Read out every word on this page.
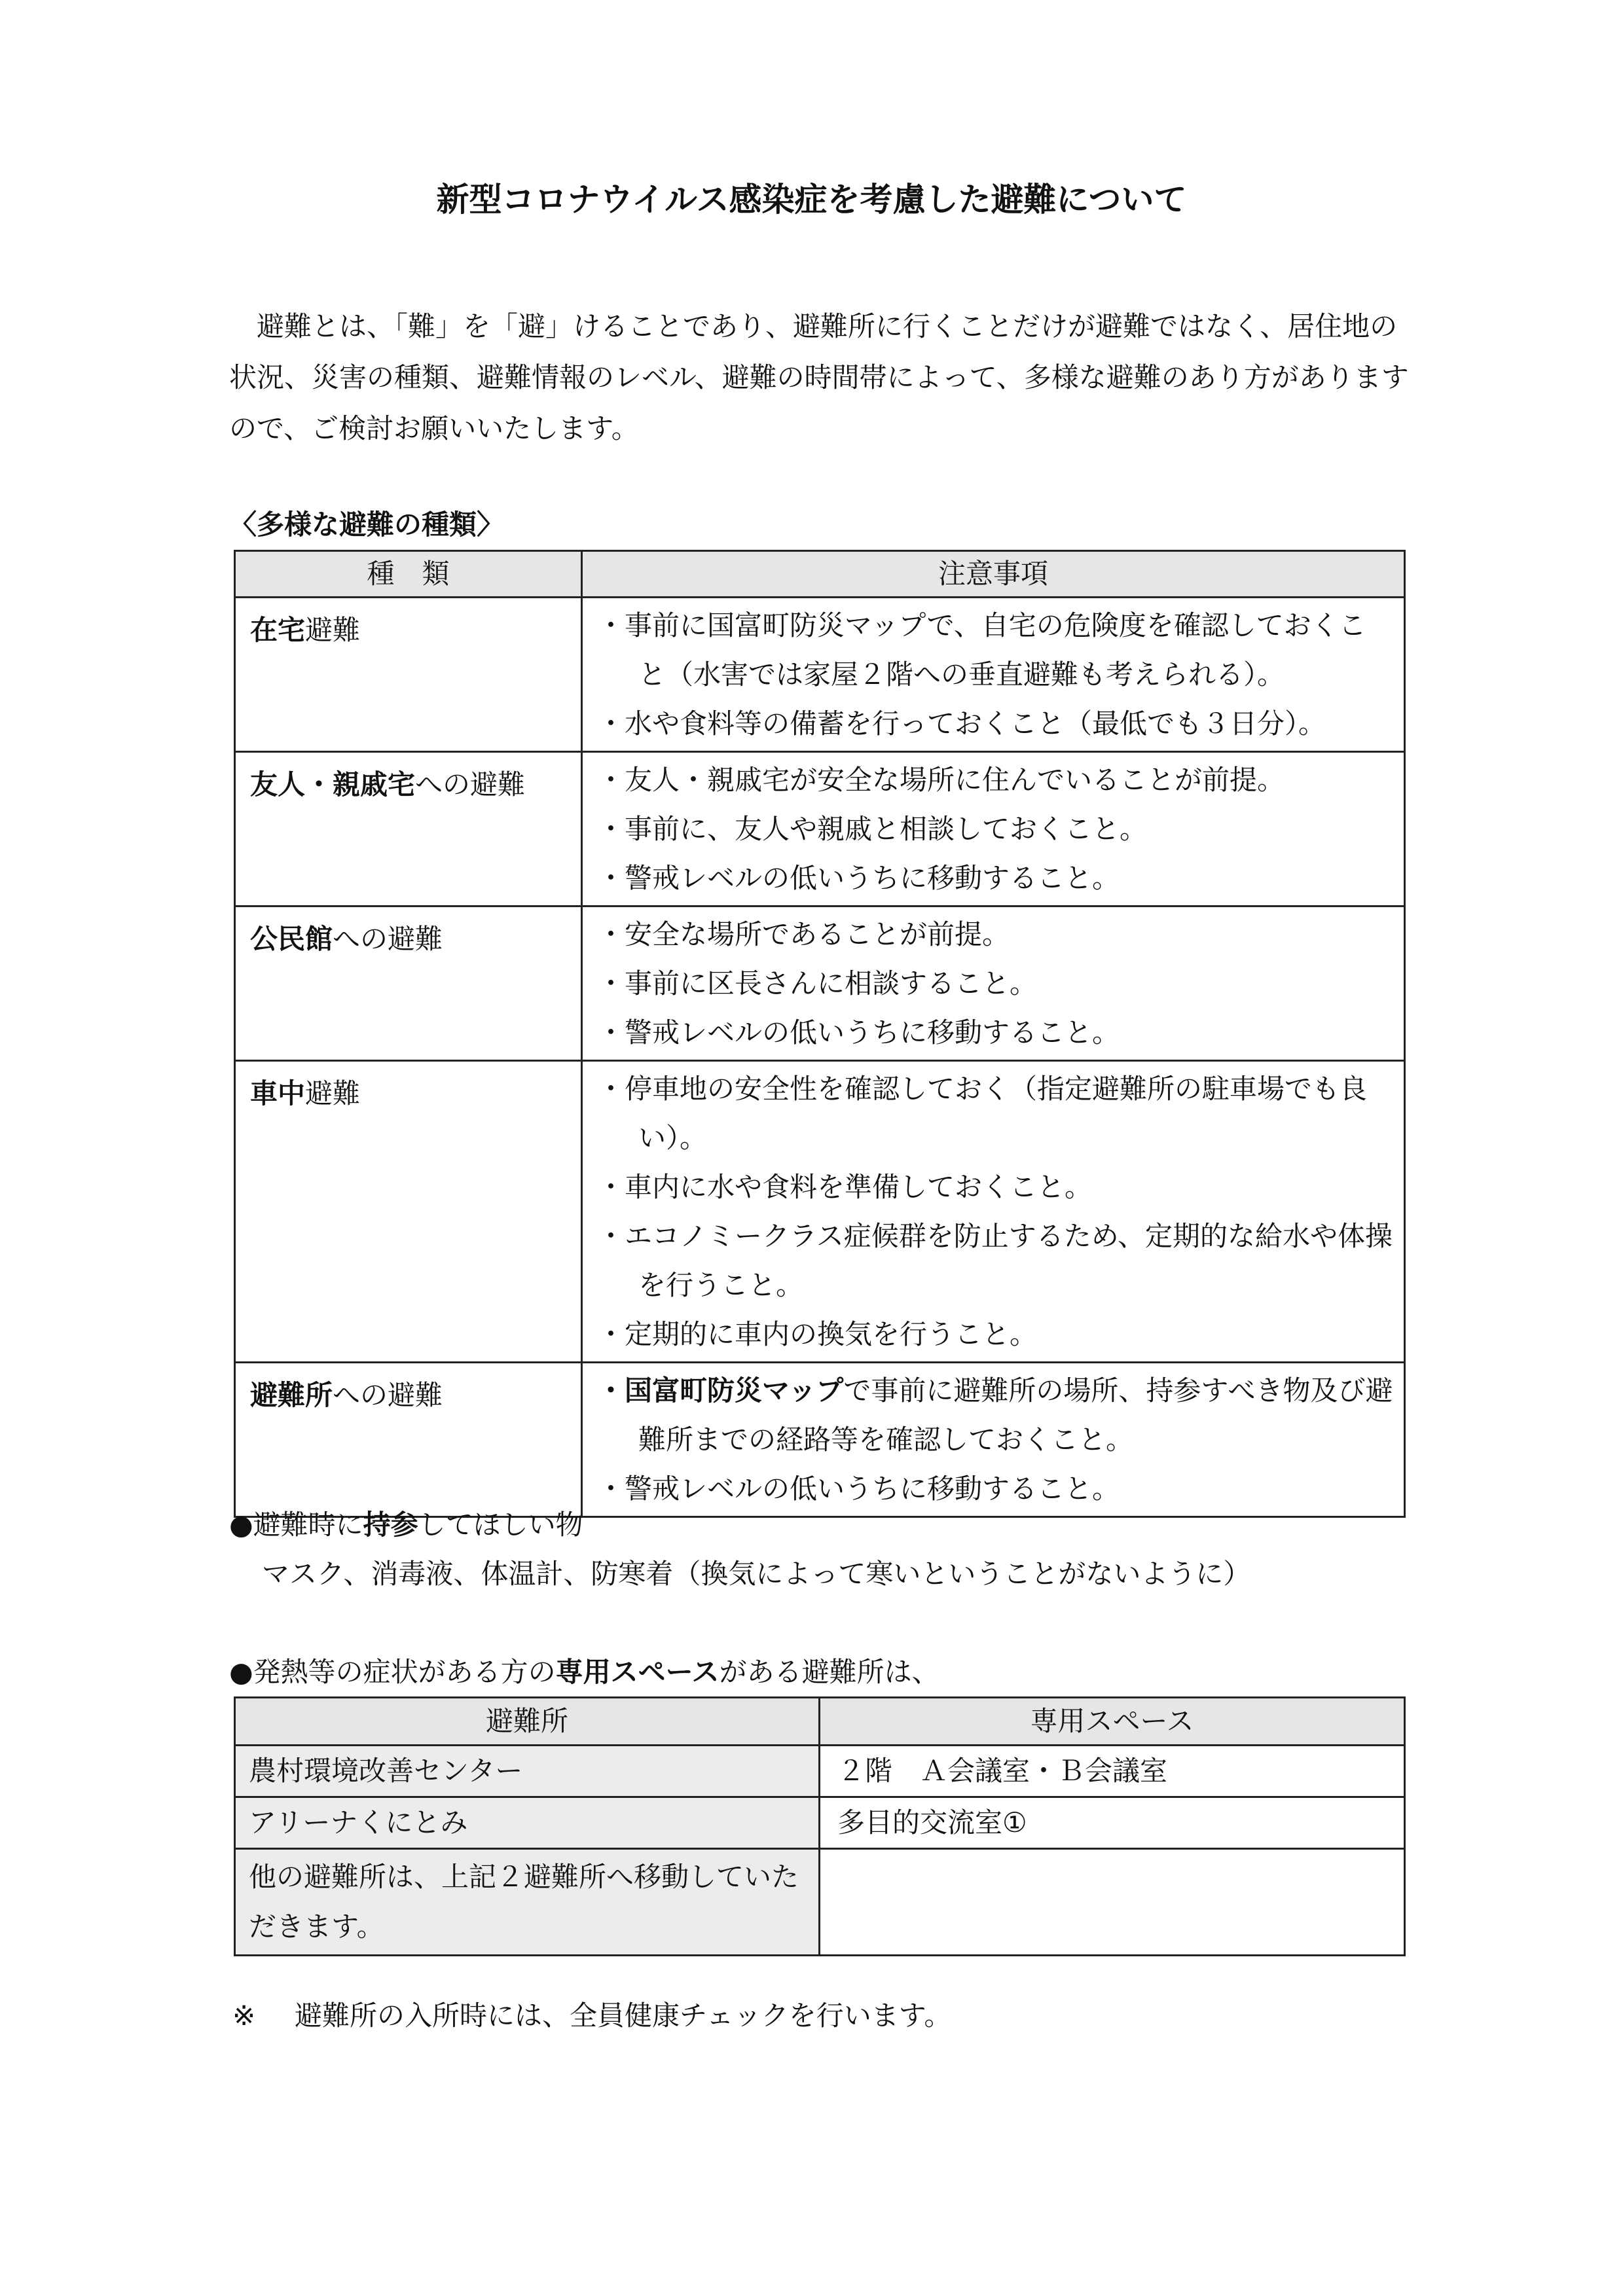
新型コロナウイルス感染症を考慮した避難について

避難とは、「難」を「避」けることであり、避難所に行くことだけが避難ではなく、居住地の状況、災害の種類、避難情報のレベル、避難の時間帯によって、多様な避難のあり方がありますので、ご検討お願いいたします。

〈多様な避難の種類〉
種　類	注意事項
在宅避難	・事前に国富町防災マップで、自宅の危険度を確認しておくこと（水害では家屋２階への垂直避難も考えられる）。
・水や食料等の備蓄を行っておくこと（最低でも３日分）。

友人・親戚宅への避難	・友人・親戚宅が安全な場所に住んでいることが前提。
・事前に、友人や親戚と相談しておくこと。
・警戒レベルの低いうちに移動すること。

公民館への避難	・安全な場所であることが前提。
・事前に区長さんに相談すること。
・警戒レベルの低いうちに移動すること。

車中避難	・停車地の安全性を確認しておく（指定避難所の駐車場でも良い）。
・車内に水や食料を準備しておくこと。
・エコノミークラス症候群を防止するため、定期的な給水や体操を行うこと。
・定期的に車内の換気を行うこと。

避難所への避難	・国富町防災マップで事前に避難所の場所、持参すべき物及び避難所までの経路等を確認しておくこと。
・警戒レベルの低いうちに移動すること。
●避難時に持参してほしい物
マスク、消毒液、体温計、防寒着（換気によって寒いということがないように）
●発熱等の症状がある方の専用スペースがある避難所は、
避難所	専用スペース
農村環境改善センター	２階　Ａ会議室・Ｂ会議室
アリーナくにとみ	多目的交流室①
他の避難所は、上記２避難所へ移動していただきます。	
※ 避難所の入所時には、全員健康チェックを行います。
